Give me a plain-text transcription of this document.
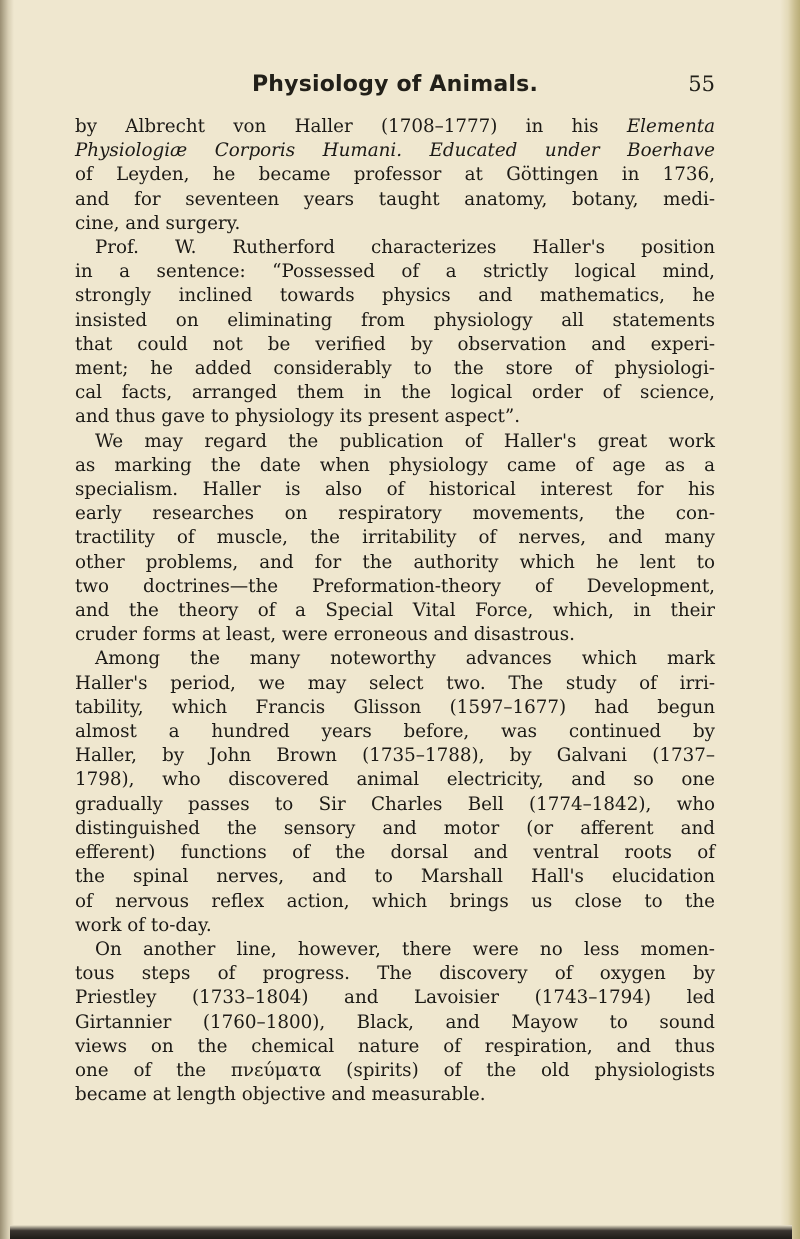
Physiology of Animals.	55
by Albrecht von Haller (1708–1777) in his Elementa
Physiologiæ Corporis Humani. Educated under Boerhave
of Leyden, he became professor at Göttingen in 1736,
and for seventeen years taught anatomy, botany, medi-
cine, and surgery.
Prof. W. Rutherford characterizes Haller's position
in a sentence: “Possessed of a strictly logical mind,
strongly inclined towards physics and mathematics, he
insisted on eliminating from physiology all statements
that could not be verified by observation and experi-
ment; he added considerably to the store of physiologi-
cal facts, arranged them in the logical order of science,
and thus gave to physiology its present aspect”.
We may regard the publication of Haller's great work
as marking the date when physiology came of age as a
specialism. Haller is also of historical interest for his
early researches on respiratory movements, the con-
tractility of muscle, the irritability of nerves, and many
other problems, and for the authority which he lent to
two doctrines—the Preformation-theory of Development,
and the theory of a Special Vital Force, which, in their
cruder forms at least, were erroneous and disastrous.
Among the many noteworthy advances which mark
Haller's period, we may select two. The study of irri-
tability, which Francis Glisson (1597–1677) had begun
almost a hundred years before, was continued by
Haller, by John Brown (1735–1788), by Galvani (1737–
1798), who discovered animal electricity, and so one
gradually passes to Sir Charles Bell (1774–1842), who
distinguished the sensory and motor (or afferent and
efferent) functions of the dorsal and ventral roots of
the spinal nerves, and to Marshall Hall's elucidation
of nervous reflex action, which brings us close to the
work of to-day.
On another line, however, there were no less momen-
tous steps of progress. The discovery of oxygen by
Priestley (1733–1804) and Lavoisier (1743–1794) led
Girtannier (1760–1800), Black, and Mayow to sound
views on the chemical nature of respiration, and thus
one of the πνεύματα (spirits) of the old physiologists
became at length objective and measurable.
